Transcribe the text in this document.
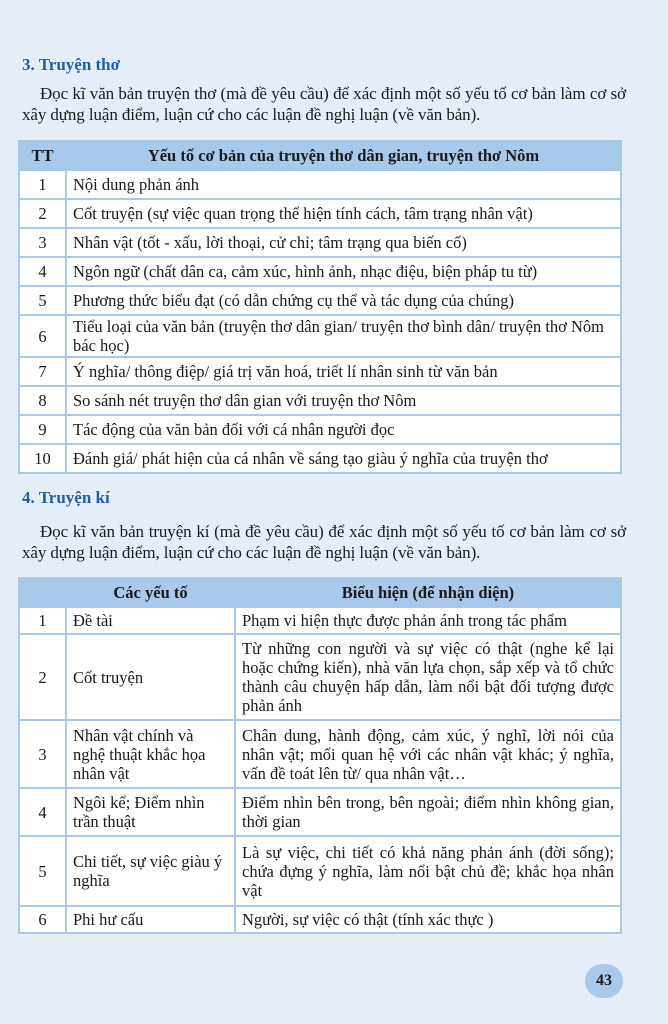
3. Truyện thơ
Đọc kĩ văn bản truyện thơ (mà đề yêu cầu) để xác định một số yếu tố cơ bản làm cơ sở xây dựng luận điểm, luận cứ cho các luận đề nghị luận (về văn bản).
TT	Yếu tố cơ bản của truyện thơ dân gian, truyện thơ Nôm
1	Nội dung phản ánh
2	Cốt truyện (sự việc quan trọng thể hiện tính cách, tâm trạng nhân vật)
3	Nhân vật (tốt - xấu, lời thoại, cử chỉ; tâm trạng qua biến cố)
4	Ngôn ngữ (chất dân ca, cảm xúc, hình ảnh, nhạc điệu, biện pháp tu từ)
5	Phương thức biểu đạt (có dẫn chứng cụ thể và tác dụng của chúng)
6	Tiểu loại của văn bản (truyện thơ dân gian/ truyện thơ bình dân/ truyện thơ Nôm bác học)
7	Ý nghĩa/ thông điệp/ giá trị văn hoá, triết lí nhân sinh từ văn bản
8	So sánh nét truyện thơ dân gian với truyện thơ Nôm
9	Tác động của văn bản đối với cá nhân người đọc
10	Đánh giá/ phát hiện của cá nhân về sáng tạo giàu ý nghĩa của truyện thơ
4. Truyện kí
Đọc kĩ văn bản truyện kí (mà đề yêu cầu) để xác định một số yếu tố cơ bản làm cơ sở xây dựng luận điểm, luận cứ cho các luận đề nghị luận (về văn bản).
	Các yếu tố	Biểu hiện (để nhận diện)
1	Đề tài	Phạm vi hiện thực được phản ánh trong tác phẩm
2	Cốt truyện	Từ những con người và sự việc có thật (nghe kể lại hoặc chứng kiến), nhà văn lựa chọn, sắp xếp và tổ chức thành câu chuyện hấp dẫn, làm nổi bật đối tượng được phản ánh
3	Nhân vật chính và nghệ thuật khắc họa nhân vật	Chân dung, hành động, cảm xúc, ý nghĩ, lời nói của nhân vật; mối quan hệ với các nhân vật khác; ý nghĩa, vấn đề toát lên từ/ qua nhân vật…
4	Ngôi kể; Điểm nhìn trần thuật	Điểm nhìn bên trong, bên ngoài; điểm nhìn không gian, thời gian
5	Chi tiết, sự việc giàu ý nghĩa	Là sự việc, chi tiết có khả năng phản ánh (đời sống); chứa đựng ý nghĩa, làm nổi bật chủ đề; khắc họa nhân vật
6	Phi hư cấu	Người, sự việc có thật (tính xác thực )
43
